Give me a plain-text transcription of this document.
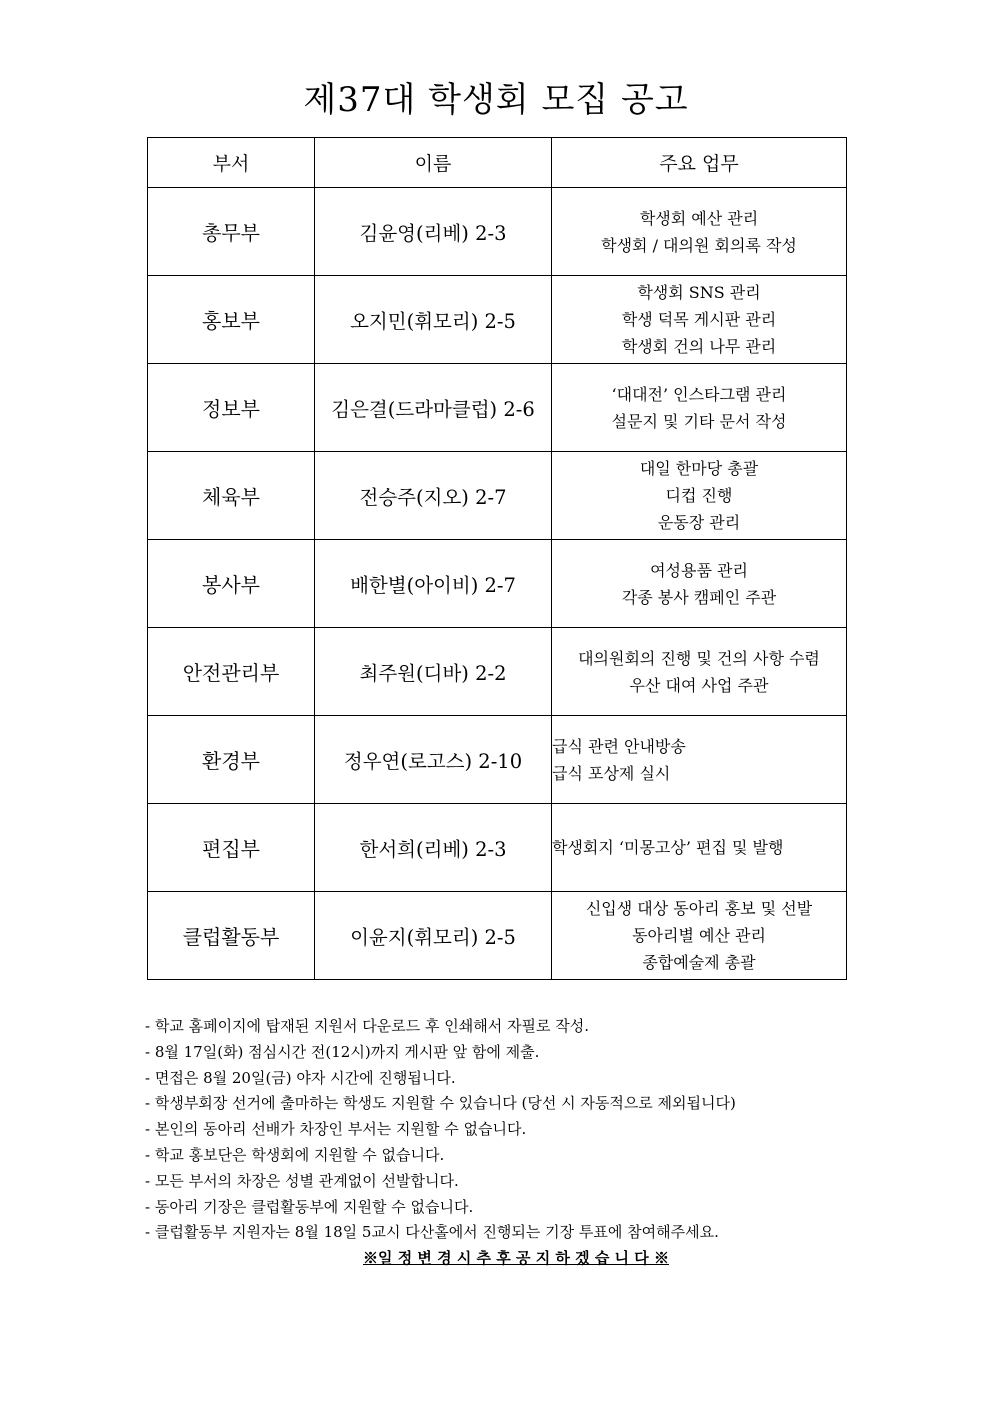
제37대 학생회 모집 공고
부서	이름	주요 업무
총무부	김윤영(리베) 2-3	학생회 예산 관리
학생회 / 대의원 회의록 작성

홍보부	오지민(휘모리) 2-5	학생회 SNS 관리
학생 덕목 게시판 관리
학생회 건의 나무 관리

정보부	김은결(드라마클럽) 2-6	‘대대전’ 인스타그램 관리
설문지 및 기타 문서 작성

체육부	전승주(지오) 2-7	대일 한마당 총괄
디컵 진행
운동장 관리

봉사부	배한별(아이비) 2-7	여성용품 관리
각종 봉사 캠페인 주관

안전관리부	최주원(디바) 2-2	대의원회의 진행 및 건의 사항 수렴
우산 대여 사업 주관

환경부	정우연(로고스) 2-10	급식 관련 안내방송
급식 포상제 실시

편집부	한서희(리베) 2-3	학생회지 ‘미몽고상’ 편집 및 발행

클럽활동부	이윤지(휘모리) 2-5	신입생 대상 동아리 홍보 및 선발
동아리별 예산 관리
종합예술제 총괄
- 학교 홈페이지에 탑재된 지원서 다운로드 후 인쇄해서 자필로 작성.
- 8월 17일(화) 점심시간 전(12시)까지 게시판 앞 함에 제출.
- 면접은 8월 20일(금) 야자 시간에 진행됩니다.
- 학생부회장 선거에 출마하는 학생도 지원할 수 있습니다 (당선 시 자동적으로 제외됩니다)
- 본인의 동아리 선배가 차장인 부서는 지원할 수 없습니다.
- 학교 홍보단은 학생회에 지원할 수 없습니다.
- 모든 부서의 차장은 성별 관계없이 선발합니다.
- 동아리 기장은 클럽활동부에 지원할 수 없습니다.
- 클럽활동부 지원자는 8월 18일 5교시 다산홀에서 진행되는 기장 투표에 참여해주세요.
※일 정 변 경 시 추 후 공 지 하 겠 습 니 다 ※
